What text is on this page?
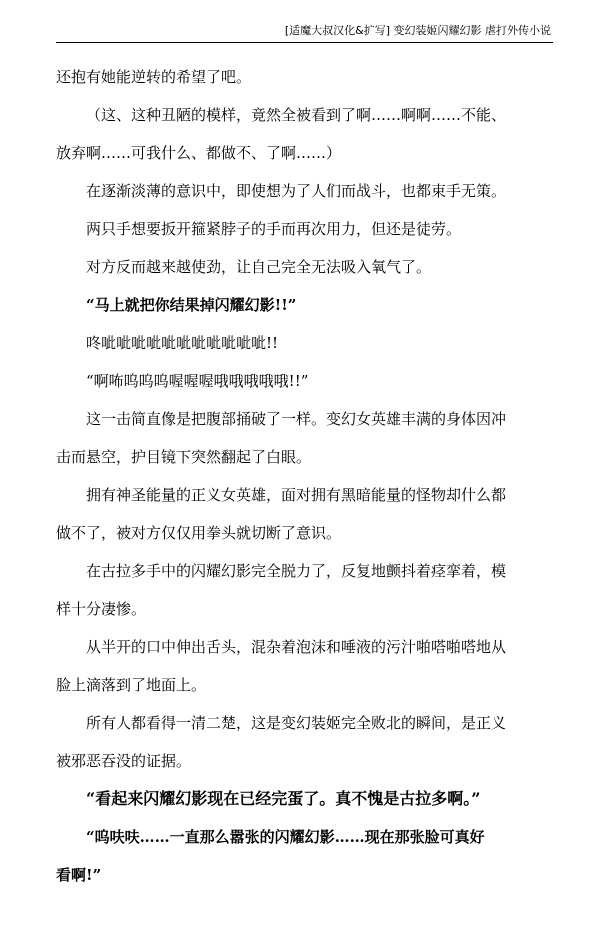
[适魔大叔汉化&扩写] 变幻装姬闪耀幻影 虐打外传小说
还抱有她能逆转的希望了吧。
（这、这种丑陋的模样，竟然全被看到了啊……啊啊……不能、
放弃啊……可我什么、都做不、了啊……）
在逐渐淡薄的意识中，即使想为了人们而战斗，也都束手无策。
两只手想要扳开箍紧脖子的手而再次用力，但还是徒劳。
对方反而越来越使劲，让自己完全无法吸入氧气了。
“马上就把你结果掉闪耀幻影!!”
咚呲呲呲呲呲呲呲呲呲呲呲!!
“啊咘呜呜呜喔喔喔哦哦哦哦哦!!”
这一击简直像是把腹部捅破了一样。变幻女英雄丰满的身体因冲
击而悬空，护目镜下突然翻起了白眼。
拥有神圣能量的正义女英雄，面对拥有黑暗能量的怪物却什么都
做不了，被对方仅仅用拳头就切断了意识。
在古拉多手中的闪耀幻影完全脱力了，反复地颤抖着痉挛着，模
样十分凄惨。
从半开的口中伸出舌头，混杂着泡沫和唾液的污汁啪嗒啪嗒地从
脸上滴落到了地面上。
所有人都看得一清二楚，这是变幻装姬完全败北的瞬间，是正义
被邪恶吞没的证据。
“看起来闪耀幻影现在已经完蛋了。真不愧是古拉多啊。”
“呜呋呋……一直那么嚣张的闪耀幻影……现在那张脸可真好
看啊!”
